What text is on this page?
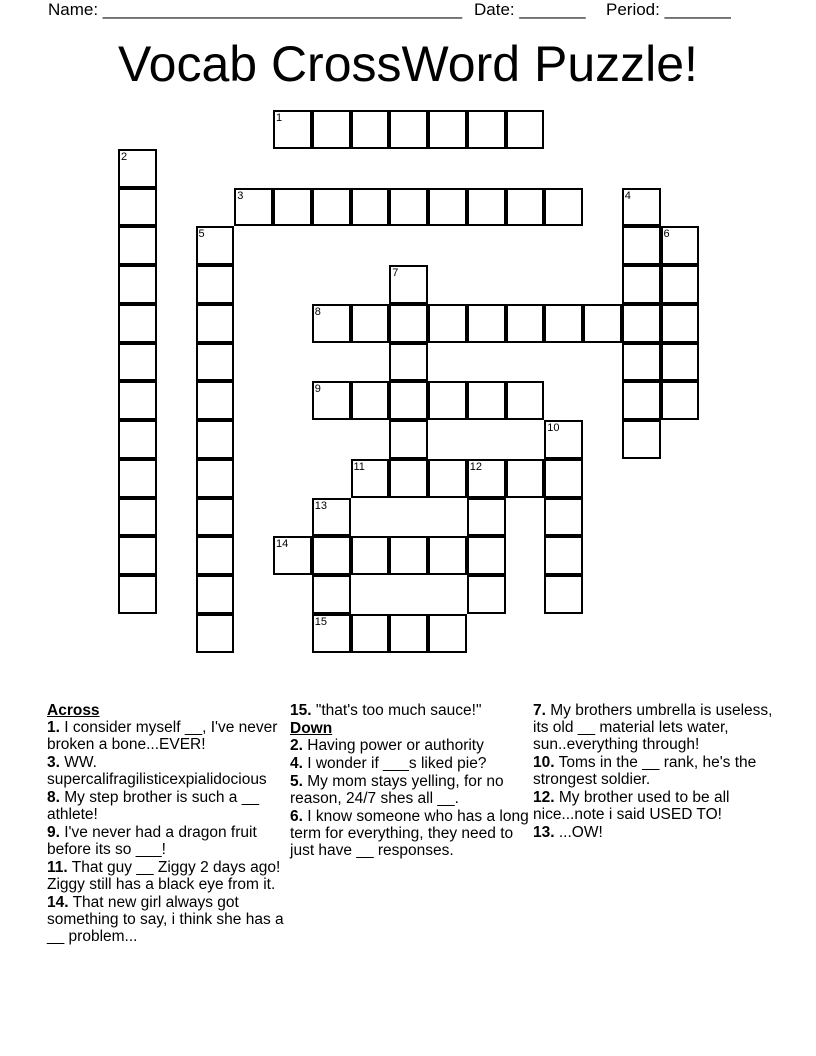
Name: ______________________________________ Date: _______ Period: _______
Vocab CrossWord Puzzle!
1
2
3	4
5	6
7
8
9
10
11	12
13
15
14
Across
1. I consider myself __, I've never broken a bone...EVER!
3. WW. supercalifragilisticexpialidocious
8. My step brother is such a __ athlete!
9. I've never had a dragon fruit before its so ___!
11. That guy __ Ziggy 2 days ago! Ziggy still has a black eye from it.
14. That new girl always got something to say, i think she has a __ problem...
15. "that's too much sauce!"
Down
2. Having power or authority
4. I wonder if ___s liked pie?
5. My mom stays yelling, for no reason, 24/7 shes all __.
6. I know someone who has a long term for everything, they need to just have __ responses.
7. My brothers umbrella is useless, its old __ material lets water, sun..everything through!
10. Toms in the __ rank, he's the strongest soldier.
12. My brother used to be all nice...note i said USED TO!
13. ...OW!
